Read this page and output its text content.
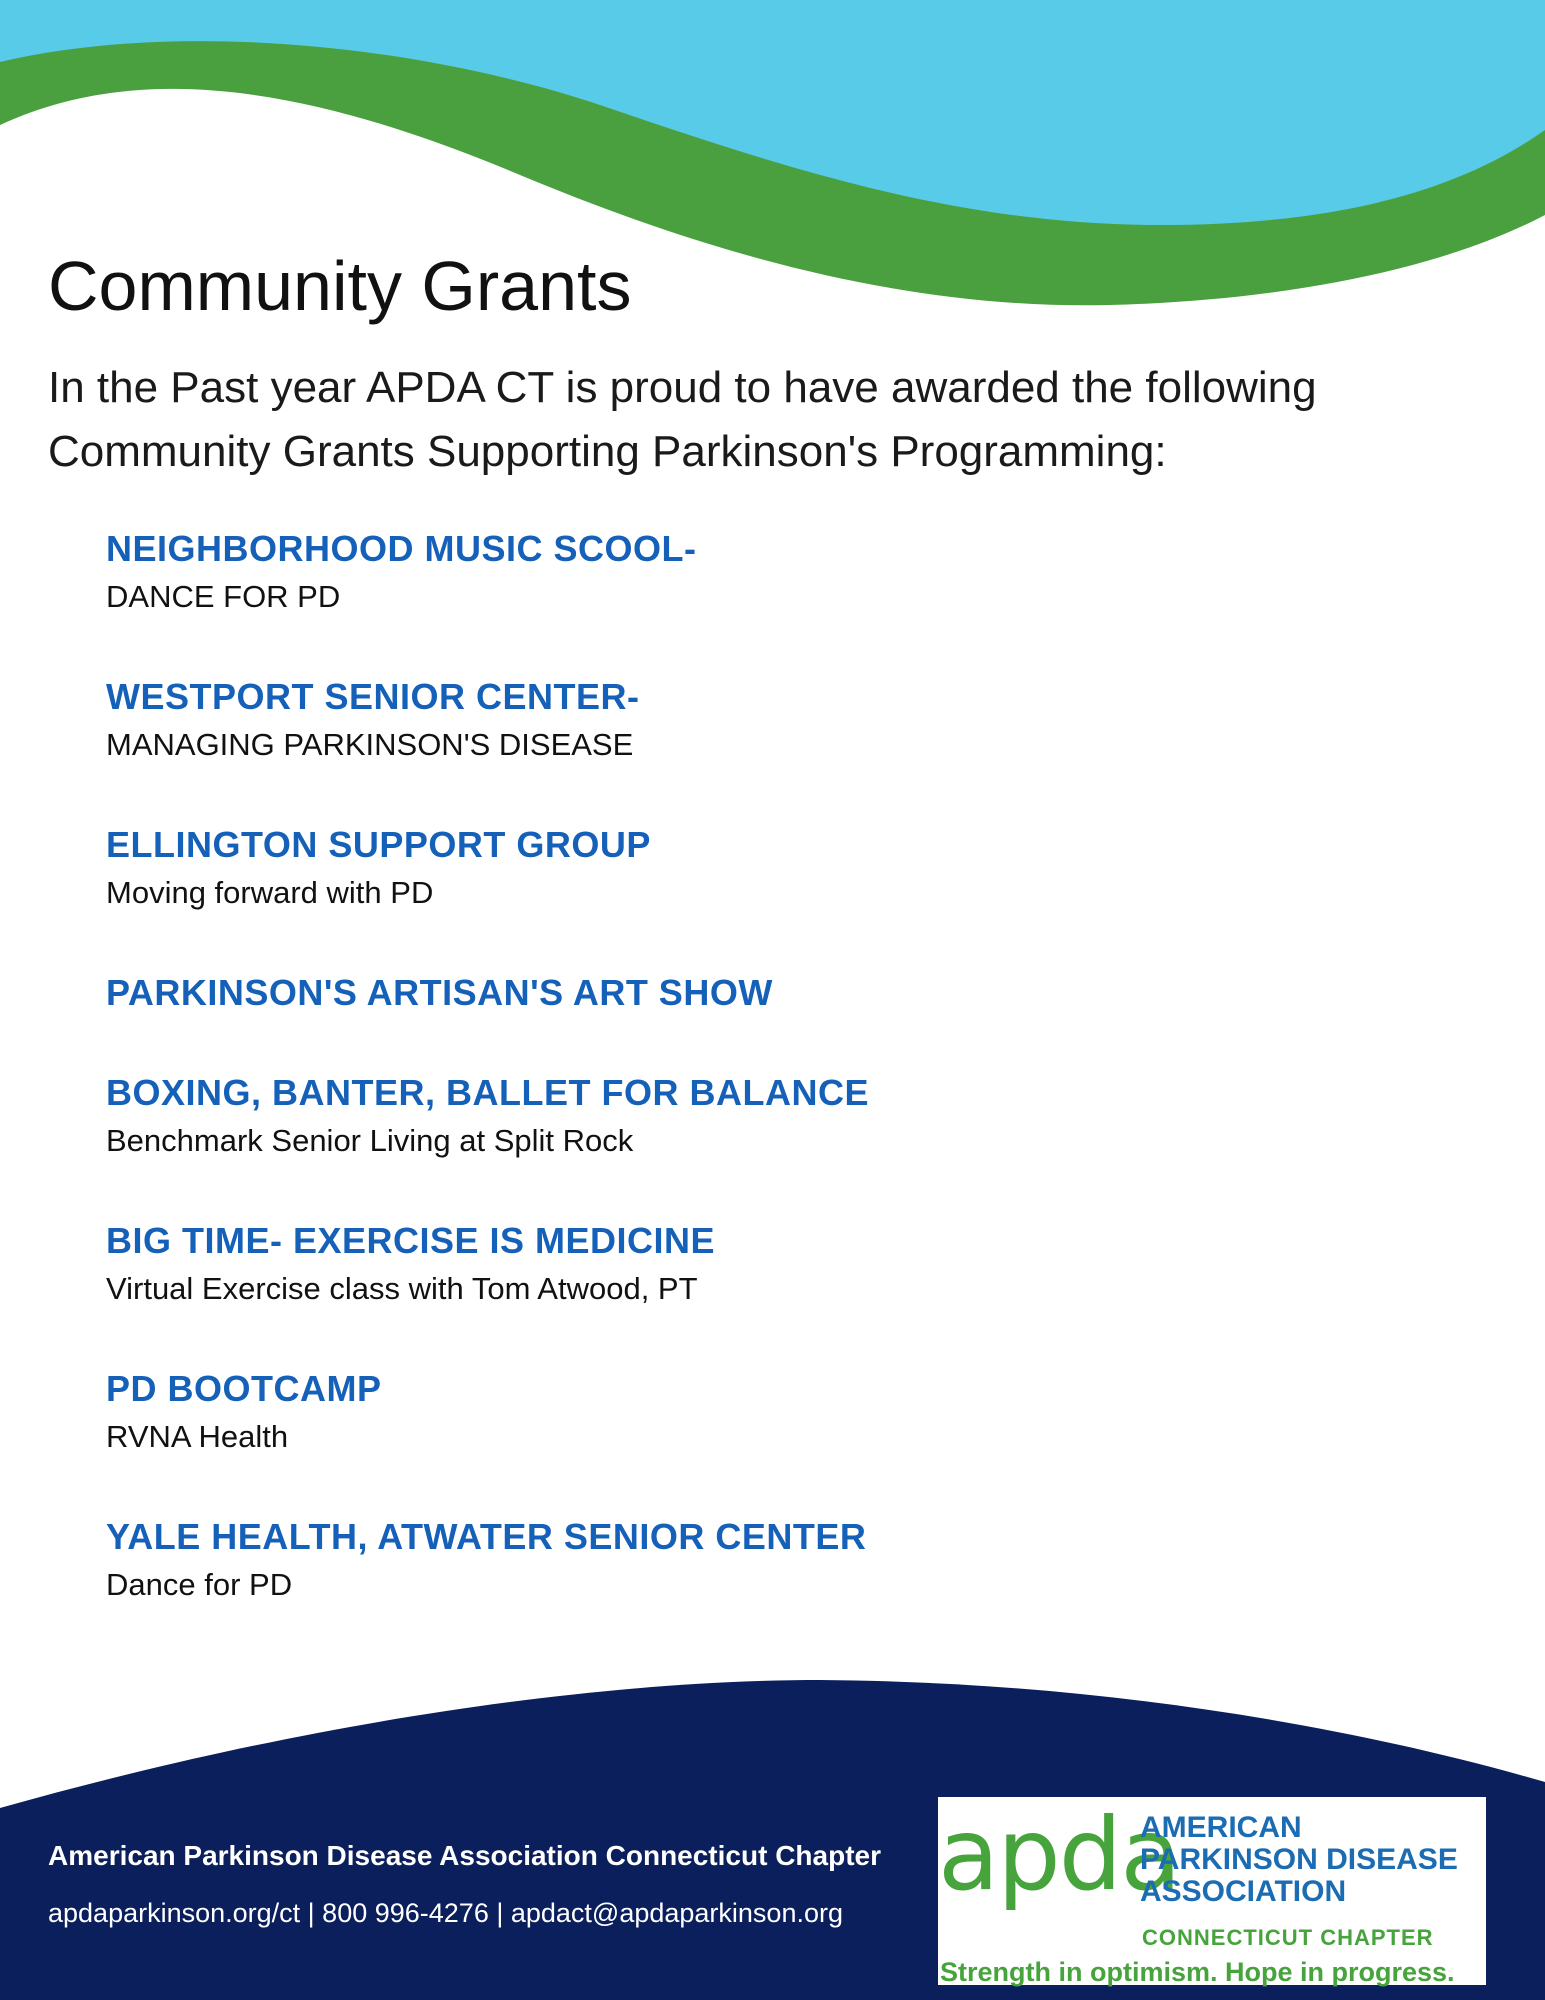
Community Grants

In the Past year APDA CT is proud to have awarded the following Community Grants Supporting Parkinson's Programming:

NEIGHBORHOOD MUSIC SCOOL-

DANCE FOR PD

WESTPORT SENIOR CENTER-

MANAGING PARKINSON'S DISEASE

ELLINGTON SUPPORT GROUP

Moving forward with PD

PARKINSON'S ARTISAN'S ART SHOW

BOXING, BANTER, BALLET FOR BALANCE

Benchmark Senior Living at Split Rock

BIG TIME- EXERCISE IS MEDICINE

Virtual Exercise class with Tom Atwood, PT

PD BOOTCAMP

RVNA Health

YALE HEALTH, ATWATER SENIOR CENTER

Dance for PD

American Parkinson Disease Association Connecticut Chapter
apdaparkinson.org/ct | 800 996-4276 | apdact@apdaparkinson.org apda
AMERICAN
PARKINSON DISEASE
ASSOCIATION
CONNECTICUT CHAPTER
Strength in optimism. Hope in progress.
